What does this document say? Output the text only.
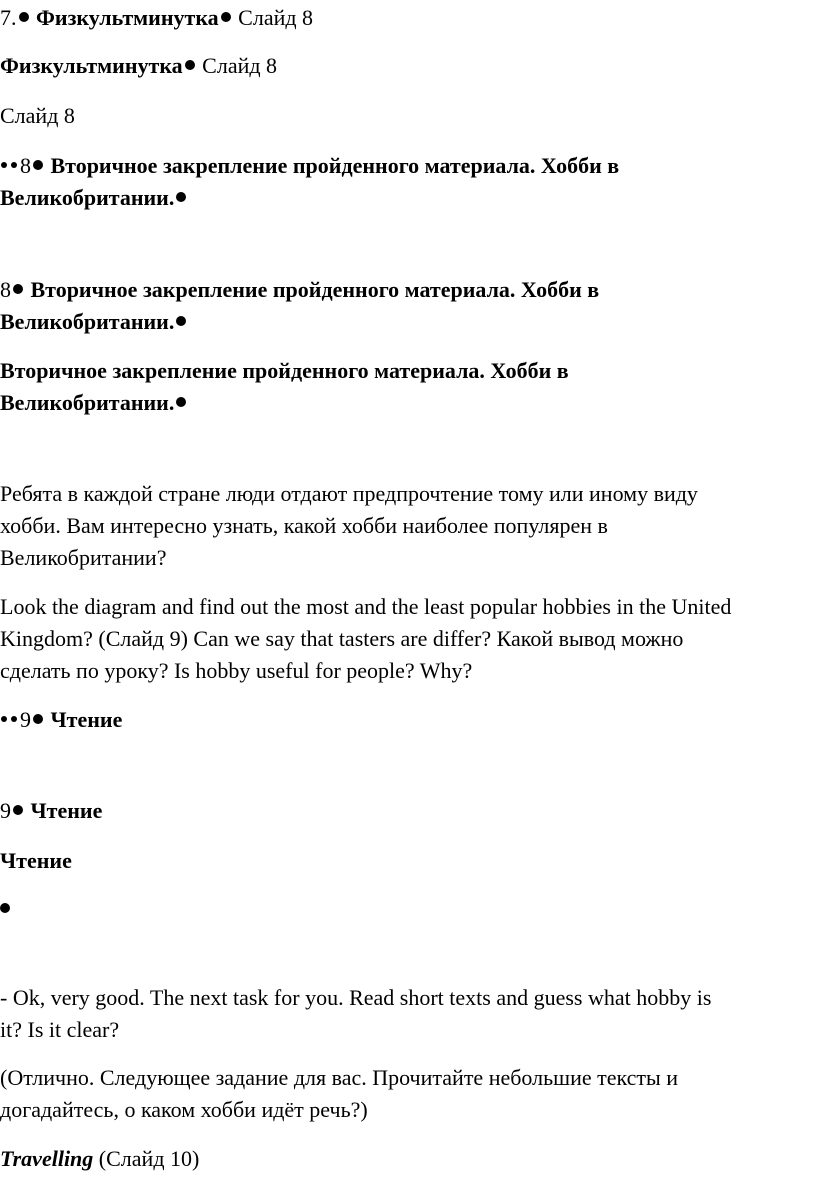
7. Физкультминутка Слайд 8
Физкультминутка Слайд 8
Слайд 8
8 Вторичное закрепление пройденного материала. Хобби в
Великобритании.
8 Вторичное закрепление пройденного материала. Хобби в
Великобритании.
Вторичное закрепление пройденного материала. Хобби в
Великобритании.
Ребята в каждой стране люди отдают предпрочтение тому или иному виду
хобби. Вам интересно узнать, какой хобби наиболее популярен в
Великобритании?
Look the diagram and find out the most and the least popular hobbies in the United
Kingdom? (Слайд 9) Can we say that tasters are differ? Какой вывод можно
сделать по уроку? Is hobby useful for people? Why?
9 Чтение
9 Чтение
Чтение
- Ok, very good. The next task for you. Read short texts and guess what hobby is
it? Is it clear?
(Отлично. Следующее задание для вас. Прочитайте небольшие тексты и
догадайтесь, о каком хобби идёт речь?)
Travelling (Слайд 10)
